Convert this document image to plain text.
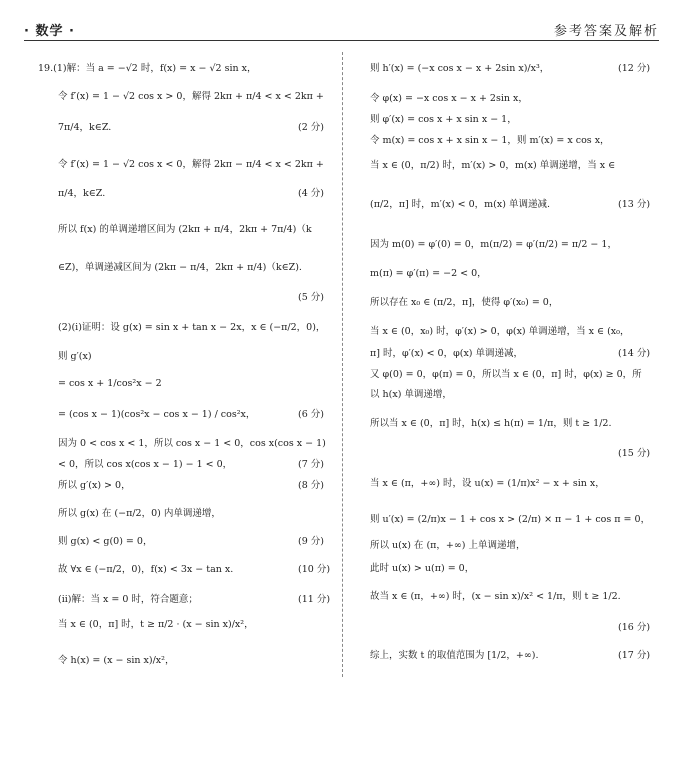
· 数学 ·	参考答案及解析
19.(1)解：当 a = −√2 时，f(x) = x − √2 sin x，
令 f′(x) = 1 − √2 cos x > 0，解得 2kπ + π/4 < x < 2kπ +
7π/4，k∈Z.	(2 分)
令 f′(x) = 1 − √2 cos x < 0，解得 2kπ − π/4 < x < 2kπ +
π/4，k∈Z.	(4 分)
所以 f(x) 的单调递增区间为 (2kπ + π/4，2kπ + 7π/4)（k
∈Z)，单调递减区间为 (2kπ − π/4，2kπ + π/4)（k∈Z).
(5 分)
(2)(i)证明：设 g(x) = sin x + tan x − 2x，x ∈ (−π/2，0)，
则 g′(x)
= cos x + 1/cos²x − 2
= (cos x − 1)(cos²x − cos x − 1) / cos²x，	(6 分)
因为 0 < cos x < 1，所以 cos x − 1 < 0，cos x(cos x − 1)
< 0，所以 cos x(cos x − 1) − 1 < 0，	(7 分)
所以 g′(x) > 0，	(8 分)
所以 g(x) 在 (−π/2，0) 内单调递增，
则 g(x) < g(0) = 0，	(9 分)
故 ∀x ∈ (−π/2，0)，f(x) < 3x − tan x.	(10 分)
(ii)解：当 x = 0 时，符合题意；	(11 分)
当 x ∈ (0，π] 时，t ≥ π/2 · (x − sin x)/x²，
令 h(x) = (x − sin x)/x²，
则 h′(x) = (−x cos x − x + 2sin x)/x³，	(12 分)
令 φ(x) = −x cos x − x + 2sin x，
则 φ′(x) = cos x + x sin x − 1，
令 m(x) = cos x + x sin x − 1，则 m′(x) = x cos x，
当 x ∈ (0，π/2) 时，m′(x) > 0，m(x) 单调递增，当 x ∈
(π/2，π] 时，m′(x) < 0，m(x) 单调递减.	(13 分)
因为 m(0) = φ′(0) = 0，m(π/2) = φ′(π/2) = π/2 − 1，
m(π) = φ′(π) = −2 < 0，
所以存在 x₀ ∈ (π/2，π]，使得 φ′(x₀) = 0，
当 x ∈ (0，x₀) 时，φ′(x) > 0，φ(x) 单调递增，当 x ∈ (x₀，
π] 时，φ′(x) < 0，φ(x) 单调递减，	(14 分)
又 φ(0) = 0，φ(π) = 0，所以当 x ∈ (0，π] 时，φ(x) ≥ 0，所
以 h(x) 单调递增，
所以当 x ∈ (0，π] 时，h(x) ≤ h(π) = 1/π，则 t ≥ 1/2.
(15 分)
当 x ∈ (π，+∞) 时，设 u(x) = (1/π)x² − x + sin x，
则 u′(x) = (2/π)x − 1 + cos x > (2/π) × π − 1 + cos π = 0，
所以 u(x) 在 (π，+∞) 上单调递增，
此时 u(x) > u(π) = 0，
故当 x ∈ (π，+∞) 时，(x − sin x)/x² < 1/π，则 t ≥ 1/2.
(16 分)
综上，实数 t 的取值范围为 [1/2，+∞).	(17 分)
